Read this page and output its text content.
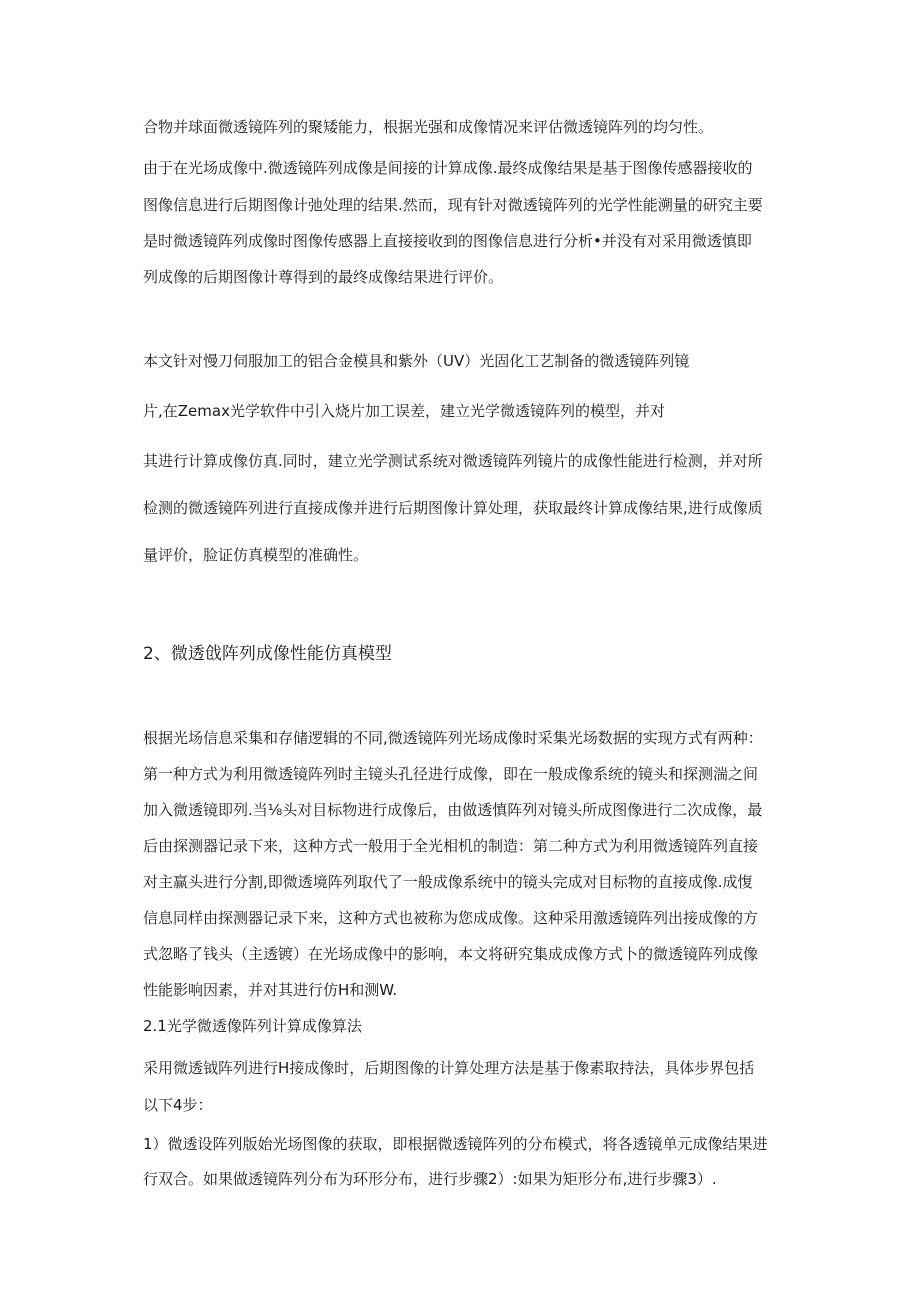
合物并球面微透镜阵列的聚矮能力，根据光强和成像情况来评估微透镜阵列的均匀性。

由于在光场成像中.微透镜阵列成像是间接的计算成像.最终成像结果是基于图像传感器接收的

图像信息进行后期图像计弛处理的结果.然而，现有针对微透镜阵列的光学性能溯量的研究主要

是时微透镜阵列成像时图像传感器上直接接收到的图像信息进行分析•并没有对采用微透慎即

列成像的后期图像计尊得到的最终成像结果进行评价。

本文针对慢刀伺服加工的铝合金模具和紫外（UV）光固化工艺制备的微透镜阵列镜

片,在Zemax光学软件中引入烧片加工误差，建立光学微透镜阵列的模型，并对

其进行计算成像仿真.同时，建立光学测试系统对微透镜阵列镜片的成像性能进行检测，并对所

检测的微透镜阵列进行直接成像并进行后期图像计算处理，获取最终计算成像结果,进行成像质

量评价，脸证仿真模型的准确性。

2、微透戗阵列成像性能仿真模型

根据光场信息采集和存储逻辑的不同,微透镜阵列光场成像时采集光场数据的实现方式有两种：

第一种方式为利用微透镜阵列时主镜头孔径进行成像，即在一般成像系统的镜头和探测湍之间

加入微透镜即列.当⅛头对目标物进行成像后，由做透慎阵列对镜头所成图像进行二次成像，最

后由探测器记录下来，这种方式一般用于全光相机的制造：第二种方式为利用微透镜阵列直接

对主赢头进行分割,即微透境阵列取代了一般成像系统中的镜头完成对目标物的直接成像.成愎

信息同样由探测器记录下来，这种方式也被称为您成成像。这种采用激透镜阵列出接成像的方

式忽略了钱头（主透镀）在光场成像中的影响，本文将研究集成成像方式卜的微透镜阵列成像

性能影响因素，并对其进行仿H和测W.

2.1光学微透像阵列计算成像算法

采用微透钺阵列进行H接成像时，后期图像的计算处理方法是基于像素取持法，具体步界包括

以下4步：

1）微透设阵列版始光场图像的获取，即根据微透镜阵列的分布模式，将各透镜单元成像结果进

行双合。如果做透镜阵列分布为环形分布，进行步骤2）:如果为矩形分布,进行步骤3）.
